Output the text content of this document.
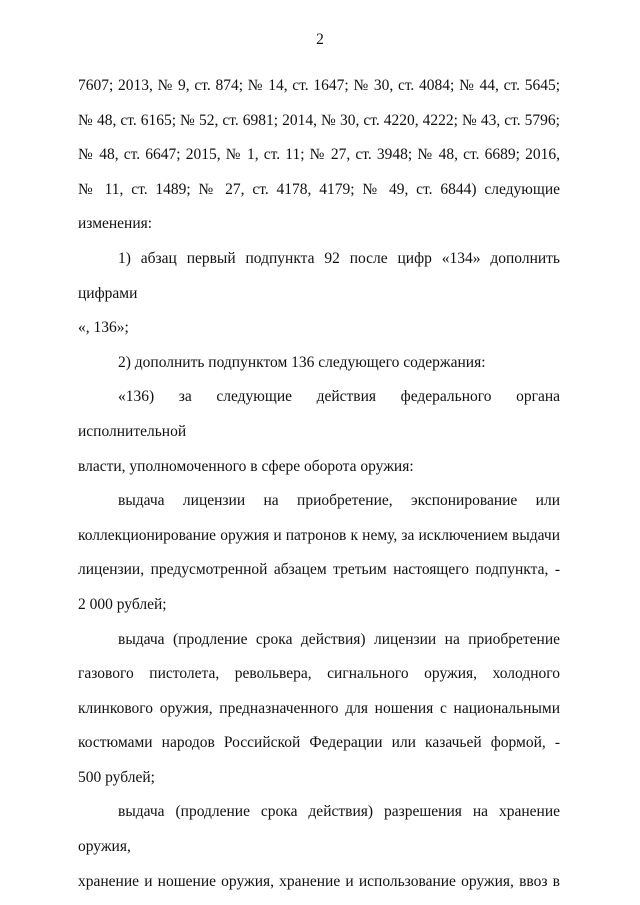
2
7607; 2013, № 9, ст. 874; № 14, ст. 1647; № 30, ст. 4084; № 44, ст. 5645;
№ 48, ст. 6165; № 52, ст. 6981; 2014, № 30, ст. 4220, 4222; № 43, ст. 5796;
№ 48, ст. 6647; 2015, № 1, ст. 11; № 27, ст. 3948; № 48, ст. 6689; 2016,
№ 11, ст. 1489; № 27, ст. 4178, 4179; № 49, ст. 6844) следующие
изменения:
1) абзац первый подпункта 92 после цифр «134» дополнить цифрами
«, 136»;
2) дополнить подпунктом 136 следующего содержания:
«136) за следующие действия федерального органа исполнительной
власти, уполномоченного в сфере оборота оружия:
выдача лицензии на приобретение, экспонирование или
коллекционирование оружия и патронов к нему, за исключением выдачи
лицензии, предусмотренной абзацем третьим настоящего подпункта, -
2 000 рублей;
выдача (продление срока действия) лицензии на приобретение
газового пистолета, револьвера, сигнального оружия, холодного
клинкового оружия, предназначенного для ношения с национальными
костюмами народов Российской Федерации или казачьей формой, -
500 рублей;
выдача (продление срока действия) разрешения на хранение оружия,
хранение и ношение оружия, хранение и использование оружия, ввоз в
